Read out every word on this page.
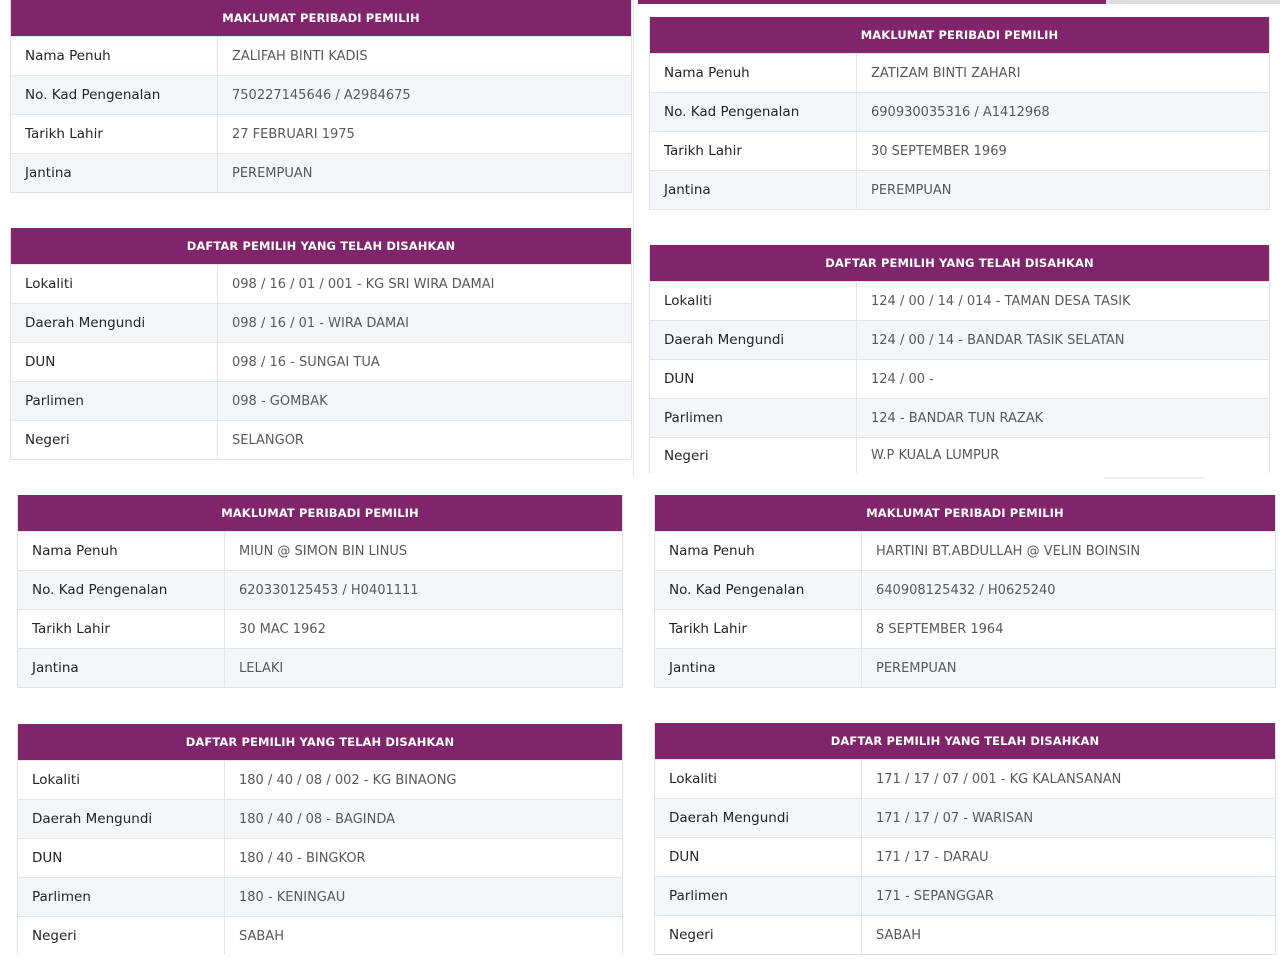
MAKLUMAT PERIBADI PEMILIH
Nama Penuh	ZALIFAH BINTI KADIS
No. Kad Pengenalan	750227145646 / A2984675
Tarikh Lahir	27 FEBRUARI 1975
Jantina	PEREMPUAN
DAFTAR PEMILIH YANG TELAH DISAHKAN
Lokaliti	098 / 16 / 01 / 001 - KG SRI WIRA DAMAI
Daerah Mengundi	098 / 16 / 01 - WIRA DAMAI
DUN	098 / 16 - SUNGAI TUA
Parlimen	098 - GOMBAK
Negeri	SELANGOR
MAKLUMAT PERIBADI PEMILIH
Nama Penuh	ZATIZAM BINTI ZAHARI
No. Kad Pengenalan	690930035316 / A1412968
Tarikh Lahir	30 SEPTEMBER 1969
Jantina	PEREMPUAN
DAFTAR PEMILIH YANG TELAH DISAHKAN
Lokaliti	124 / 00 / 14 / 014 - TAMAN DESA TASIK
Daerah Mengundi	124 / 00 / 14 - BANDAR TASIK SELATAN
DUN	124 / 00 -
Parlimen	124 - BANDAR TUN RAZAK
Negeri	W.P KUALA LUMPUR
MAKLUMAT PERIBADI PEMILIH
Nama Penuh	MIUN @ SIMON BIN LINUS
No. Kad Pengenalan	620330125453 / H0401111
Tarikh Lahir	30 MAC 1962
Jantina	LELAKI
DAFTAR PEMILIH YANG TELAH DISAHKAN
Lokaliti	180 / 40 / 08 / 002 - KG BINAONG
Daerah Mengundi	180 / 40 / 08 - BAGINDA
DUN	180 / 40 - BINGKOR
Parlimen	180 - KENINGAU
Negeri	SABAH
MAKLUMAT PERIBADI PEMILIH
Nama Penuh	HARTINI BT.ABDULLAH @ VELIN BOINSIN
No. Kad Pengenalan	640908125432 / H0625240
Tarikh Lahir	8 SEPTEMBER 1964
Jantina	PEREMPUAN
DAFTAR PEMILIH YANG TELAH DISAHKAN
Lokaliti	171 / 17 / 07 / 001 - KG KALANSANAN
Daerah Mengundi	171 / 17 / 07 - WARISAN
DUN	171 / 17 - DARAU
Parlimen	171 - SEPANGGAR
Negeri	SABAH
